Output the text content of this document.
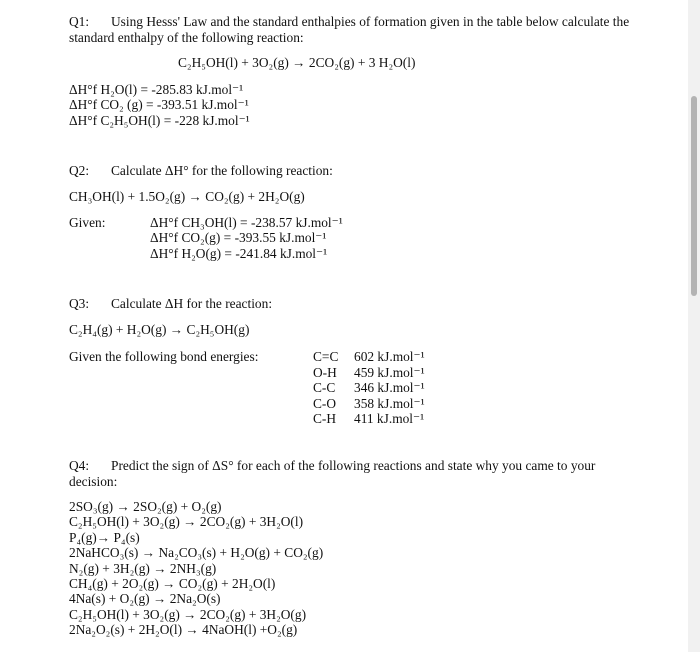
Q1: Using Hesss' Law and the standard enthalpies of formation given in the table below calculate the
standard enthalpy of the following reaction:
C₂H₅OH(l) + 3O₂(g) → 2CO₂(g) + 3 H₂O(l)
ΔH°f H₂O(l) = -285.83 kJ.mol⁻¹
ΔH°f CO₂ (g) = -393.51 kJ.mol⁻¹
ΔH°f C₂H₅OH(l) = -228 kJ.mol⁻¹
Q2: Calculate ΔH° for the following reaction:
CH₃OH(l) + 1.5O₂(g) → CO₂(g) + 2H₂O(g)
Given:	ΔH°f CH₃OH(l) = -238.57 kJ.mol⁻¹
ΔH°f CO₂(g) = -393.55 kJ.mol⁻¹
ΔH°f H₂O(g) = -241.84 kJ.mol⁻¹
Q3: Calculate ΔH for the reaction:
C₂H₄(g) + H₂O(g) → C₂H₅OH(g)
Given the following bond energies:	C=C	602 kJ.mol⁻¹
O-H	459 kJ.mol⁻¹
C-C	346 kJ.mol⁻¹
C-O	358 kJ.mol⁻¹
C-H	411 kJ.mol⁻¹
Q4: Predict the sign of ΔS° for each of the following reactions and state why you came to your
decision:
2SO₃(g) → 2SO₂(g) + O₂(g)
C₂H₅OH(l) + 3O₂(g) → 2CO₂(g) + 3H₂O(l)
P₄(g)→ P₄(s)
2NaHCO₃(s) → Na₂CO₃(s) + H₂O(g) + CO₂(g)
N₂(g) + 3H₂(g) → 2NH₃(g)
CH₄(g) + 2O₂(g) → CO₂(g) + 2H₂O(l)
4Na(s) + O₂(g) → 2Na₂O(s)
C₂H₅OH(l) + 3O₂(g) → 2CO₂(g) + 3H₂O(g)
2Na₂O₂(s) + 2H₂O(l) → 4NaOH(l) +O₂(g)
